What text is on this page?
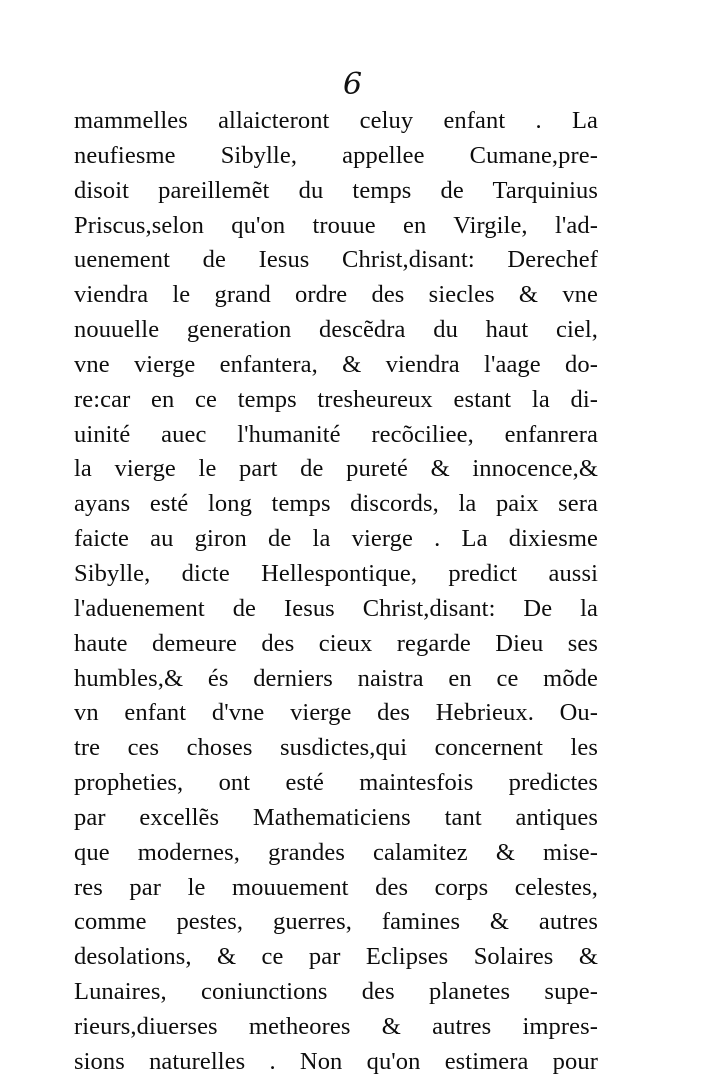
6
mammelles allaicteront celuy enfant . La
neufiesme Sibylle, appellee Cumane,pre-
disoit pareillemẽt du temps de Tarquinius
Priscus,selon qu'on trouue en Virgile, l'ad-
uenement de Iesus Christ,disant: Derechef
viendra le grand ordre des siecles & vne
nouuelle generation descẽdra du haut ciel,
vne vierge enfantera, & viendra l'aage do-
re:car en ce temps tresheureux estant la di-
uinité auec l'humanité recõciliee, enfanrera
la vierge le part de pureté & innocence,&
ayans esté long temps discords, la paix sera
faicte au giron de la vierge . La dixiesme
Sibylle, dicte Hellespontique, predict aussi
l'aduenement de Iesus Christ,disant: De la
haute demeure des cieux regarde Dieu ses
humbles,& és derniers naistra en ce mõde
vn enfant d'vne vierge des Hebrieux. Ou-
tre ces choses susdictes,qui concernent les
propheties, ont esté maintesfois predictes
par excellẽs Mathematiciens tant antiques
que modernes, grandes calamitez & mise-
res par le mouuement des corps celestes,
comme pestes, guerres, famines & autres
desolations, & ce par Eclipses Solaires &
Lunaires, coniunctions des planetes supe-
rieurs,diuerses metheores & autres impres-
sions naturelles . Non qu'on estimera pour
